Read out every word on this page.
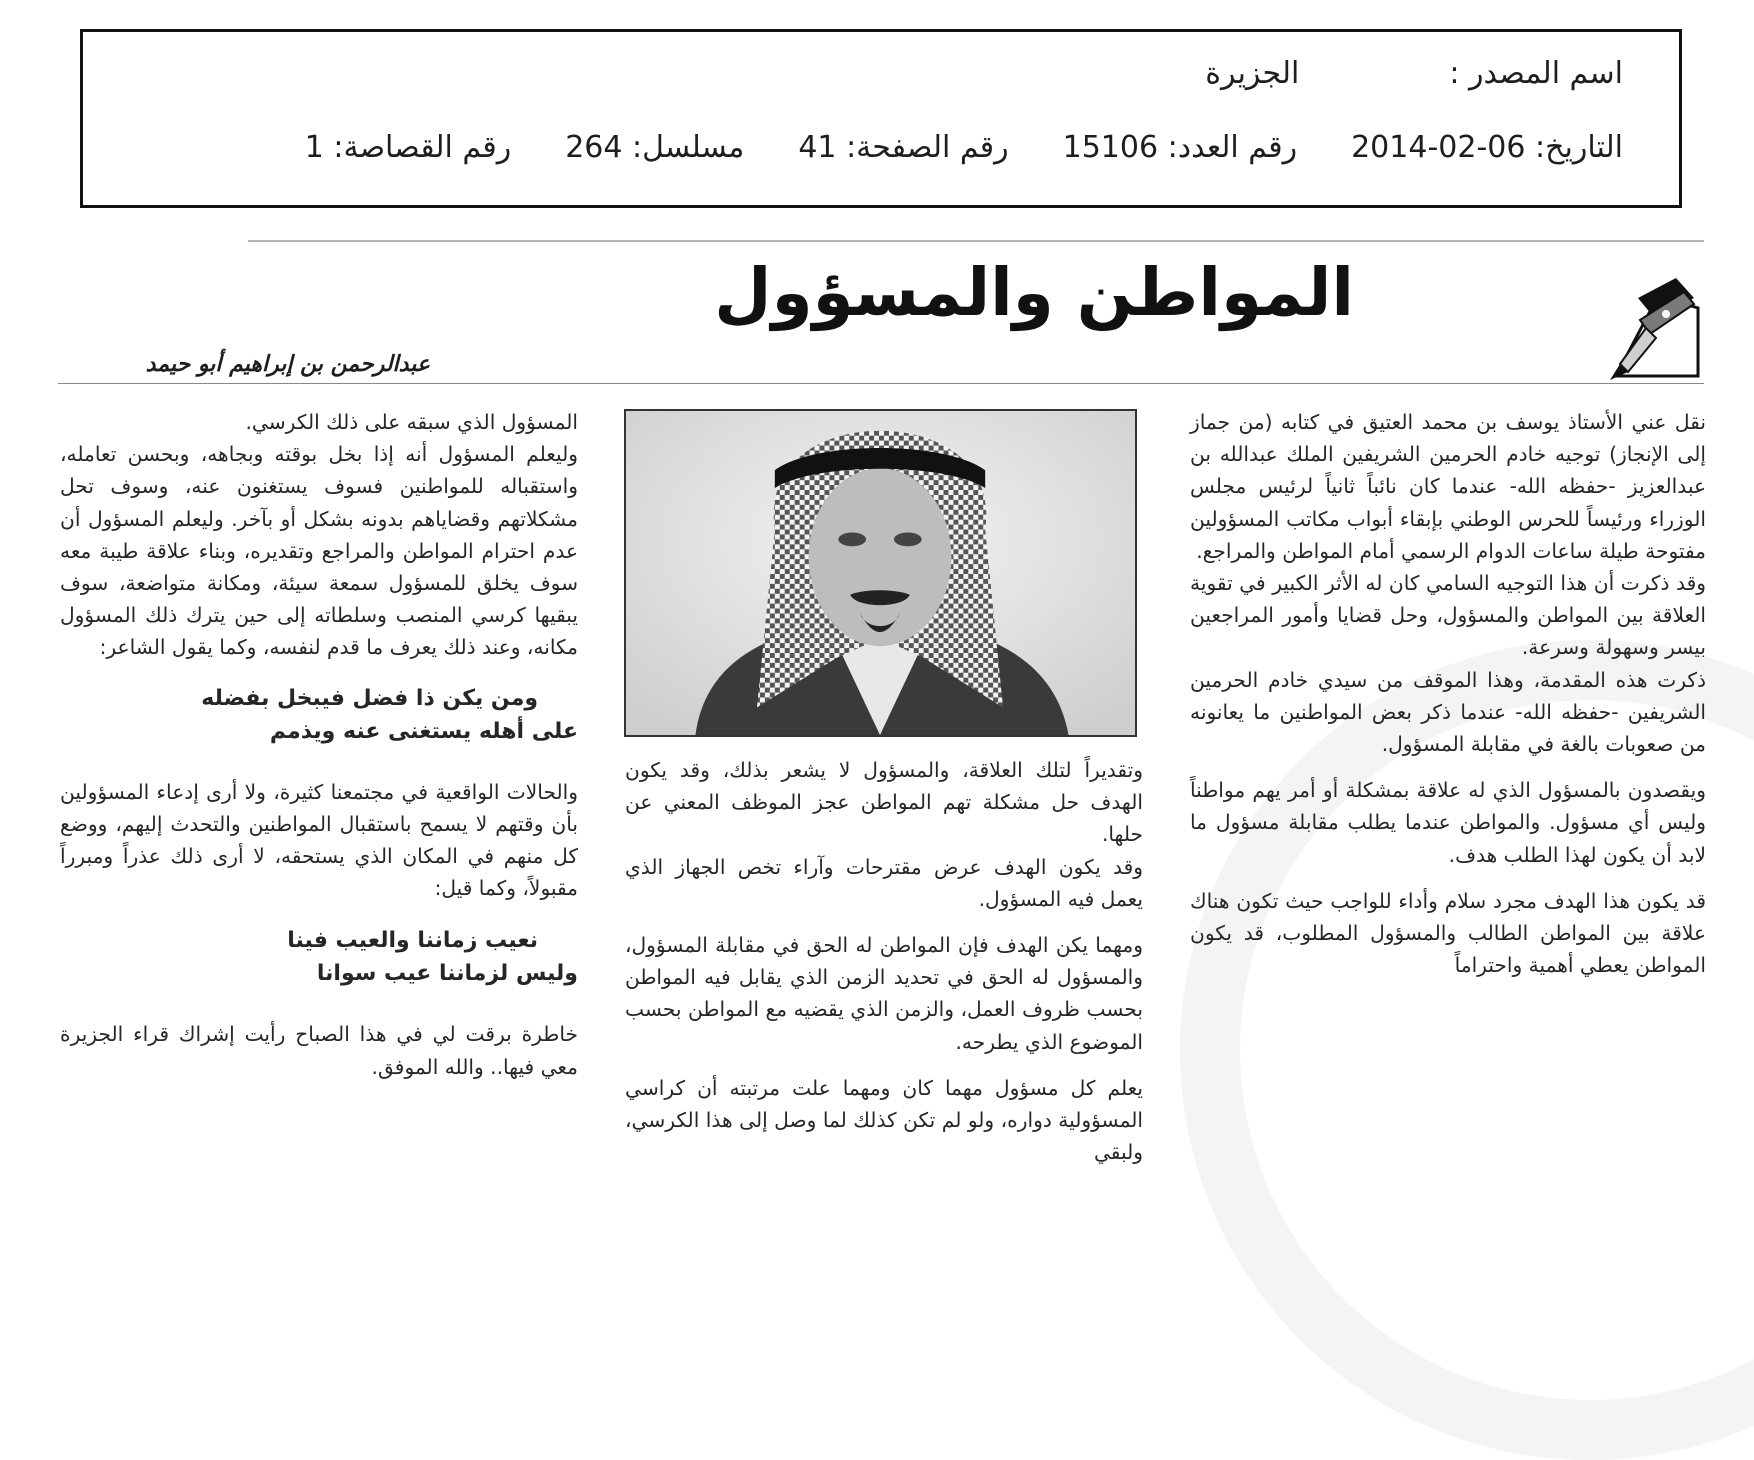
اسم المصدر :
الجزيرة
التاريخ: 06-02-2014
رقم العدد: 15106
رقم الصفحة: 41
مسلسل: 264
رقم القصاصة: 1
المواطن والمسؤول
عبدالرحمن بن إبراهيم أبو حيمد

نقل عني الأستاذ يوسف بن محمد العتيق في كتابه (من جماز إلى الإنجاز) توجيه خادم الحرمين الشريفين الملك عبدالله بن عبدالعزيز -حفظه الله- عندما كان نائباً ثانياً لرئيس مجلس الوزراء ورئيساً للحرس الوطني بإبقاء أبواب مكاتب المسؤولين مفتوحة طيلة ساعات الدوام الرسمي أمام المواطن والمراجع.

وقد ذكرت أن هذا التوجيه السامي كان له الأثر الكبير في تقوية العلاقة بين المواطن والمسؤول، وحل قضايا وأمور المراجعين بيسر وسهولة وسرعة.

ذكرت هذه المقدمة، وهذا الموقف من سيدي خادم الحرمين الشريفين -حفظه الله- عندما ذكر بعض المواطنين ما يعانونه من صعوبات بالغة في مقابلة المسؤول.

ويقصدون بالمسؤول الذي له علاقة بمشكلة أو أمر يهم مواطناً وليس أي مسؤول. والمواطن عندما يطلب مقابلة مسؤول ما لابد أن يكون لهذا الطلب هدف.

قد يكون هذا الهدف مجرد سلام وأداء للواجب حيث تكون هناك علاقة بين المواطن الطالب والمسؤول المطلوب، قد يكون المواطن يعطي أهمية واحتراماً

وتقديراً لتلك العلاقة، والمسؤول لا يشعر بذلك، وقد يكون الهدف حل مشكلة تهم المواطن عجز الموظف المعني عن حلها.

وقد يكون الهدف عرض مقترحات وآراء تخص الجهاز الذي يعمل فيه المسؤول.

ومهما يكن الهدف فإن المواطن له الحق في مقابلة المسؤول، والمسؤول له الحق في تحديد الزمن الذي يقابل فيه المواطن بحسب ظروف العمل، والزمن الذي يقضيه مع المواطن بحسب الموضوع الذي يطرحه.

يعلم كل مسؤول مهما كان ومهما علت مرتبته أن كراسي المسؤولية دواره، ولو لم تكن كذلك لما وصل إلى هذا الكرسي، ولبقي

المسؤول الذي سبقه على ذلك الكرسي.

وليعلم المسؤول أنه إذا بخل بوقته وبجاهه، وبحسن تعامله، واستقباله للمواطنين فسوف يستغنون عنه، وسوف تحل مشكلاتهم وقضاياهم بدونه بشكل أو بآخر. وليعلم المسؤول أن عدم احترام المواطن والمراجع وتقديره، وبناء علاقة طيبة معه سوف يخلق للمسؤول سمعة سيئة، ومكانة متواضعة، سوف يبقيها كرسي المنصب وسلطاته إلى حين يترك ذلك المسؤول مكانه، وعند ذلك يعرف ما قدم لنفسه، وكما يقول الشاعر:

ومن يكن ذا فضل فيبخل بفضله

على أهله يستغنى عنه ويذمم

والحالات الواقعية في مجتمعنا كثيرة، ولا أرى إدعاء المسؤولين بأن وقتهم لا يسمح باستقبال المواطنين والتحدث إليهم، ووضع كل منهم في المكان الذي يستحقه، لا أرى ذلك عذراً ومبرراً مقبولاً، وكما قيل:

نعيب زماننا والعيب فينا

وليس لزماننا عيب سوانا

خاطرة برقت لي في هذا الصباح رأيت إشراك قراء الجزيرة معي فيها.. والله الموفق.
